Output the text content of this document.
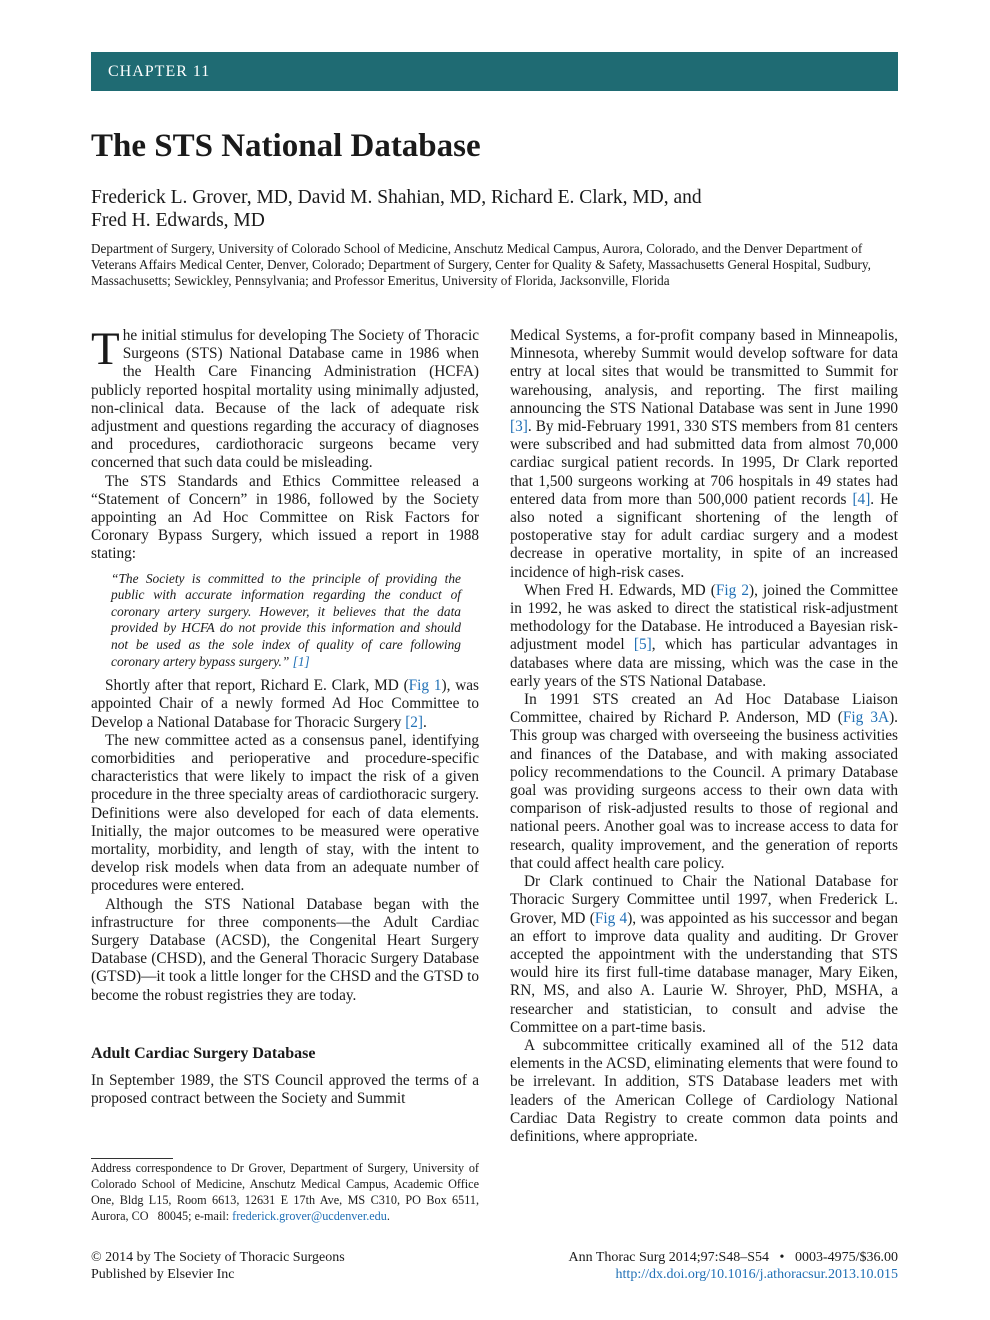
CHAPTER 11
The STS National Database
Frederick L. Grover, MD, David M. Shahian, MD, Richard E. Clark, MD, and
Fred H. Edwards, MD
Department of Surgery, University of Colorado School of Medicine, Anschutz Medical Campus, Aurora, Colorado, and the Denver Department of Veterans Affairs Medical Center, Denver, Colorado; Department of Surgery, Center for Quality & Safety, Massachusetts General Hospital, Sudbury, Massachusetts; Sewickley, Pennsylvania; and Professor Emeritus, University of Florida, Jacksonville, Florida

The initial stimulus for developing The Society of Thoracic Surgeons (STS) National Database came in 1986 when the Health Care Financing Administration (HCFA) publicly reported hospital mortality using minimally adjusted, non-clinical data. Because of the lack of adequate risk adjustment and questions regarding the accuracy of diagnoses and procedures, cardiothoracic surgeons became very concerned that such data could be misleading.

The STS Standards and Ethics Committee released a “Statement of Concern” in 1986, followed by the Society appointing an Ad Hoc Committee on Risk Factors for Coronary Bypass Surgery, which issued a report in 1988 stating:

“The Society is committed to the principle of providing the public with accurate information regarding the conduct of coronary artery surgery. However, it believes that the data provided by HCFA do not provide this information and should not be used as the sole index of quality of care following coronary artery bypass surgery.” [1]

Shortly after that report, Richard E. Clark, MD (Fig 1), was appointed Chair of a newly formed Ad Hoc Committee to Develop a National Database for Thoracic Surgery [2].

The new committee acted as a consensus panel, identifying comorbidities and perioperative and procedure-specific characteristics that were likely to impact the risk of a given procedure in the three specialty areas of cardiothoracic surgery. Definitions were also developed for each of data elements. Initially, the major outcomes to be measured were operative mortality, morbidity, and length of stay, with the intent to develop risk models when data from an adequate number of procedures were entered.

Although the STS National Database began with the infrastructure for three components—the Adult Cardiac Surgery Database (ACSD), the Congenital Heart Surgery Database (CHSD), and the General Thoracic Surgery Database (GTSD)—it took a little longer for the CHSD and the GTSD to become the robust registries they are today.

Adult Cardiac Surgery Database

In September 1989, the STS Council approved the terms of a proposed contract between the Society and Summit

Medical Systems, a for-profit company based in Minneapolis, Minnesota, whereby Summit would develop software for data entry at local sites that would be transmitted to Summit for warehousing, analysis, and reporting. The first mailing announcing the STS National Database was sent in June 1990 [3]. By mid-February 1991, 330 STS members from 81 centers were subscribed and had submitted data from almost 70,000 cardiac surgical patient records. In 1995, Dr Clark reported that 1,500 surgeons working at 706 hospitals in 49 states had entered data from more than 500,000 patient records [4]. He also noted a significant shortening of the length of postoperative stay for adult cardiac surgery and a modest decrease in operative mortality, in spite of an increased incidence of high-risk cases.

When Fred H. Edwards, MD (Fig 2), joined the Committee in 1992, he was asked to direct the statistical risk-adjustment methodology for the Database. He introduced a Bayesian risk-adjustment model [5], which has particular advantages in databases where data are missing, which was the case in the early years of the STS National Database.

In 1991 STS created an Ad Hoc Database Liaison Committee, chaired by Richard P. Anderson, MD (Fig 3A). This group was charged with overseeing the business activities and finances of the Database, and with making associated policy recommendations to the Council. A primary Database goal was providing surgeons access to their own data with comparison of risk-adjusted results to those of regional and national peers. Another goal was to increase access to data for research, quality improvement, and the generation of reports that could affect health care policy.

Dr Clark continued to Chair the National Database for Thoracic Surgery Committee until 1997, when Frederick L. Grover, MD (Fig 4), was appointed as his successor and began an effort to improve data quality and auditing. Dr Grover accepted the appointment with the understanding that STS would hire its first full-time database manager, Mary Eiken, RN, MS, and also A. Laurie W. Shroyer, PhD, MSHA, a researcher and statistician, to consult and advise the Committee on a part-time basis.

A subcommittee critically examined all of the 512 data elements in the ACSD, eliminating elements that were found to be irrelevant. In addition, STS Database leaders met with leaders of the American College of Cardiology National Cardiac Data Registry to create common data points and definitions, where appropriate.

Address correspondence to Dr Grover, Department of Surgery, University of Colorado School of Medicine, Anschutz Medical Campus, Academic Office One, Bldg L15, Room 6613, 12631 E 17th Ave, MS C310, PO Box 6511, Aurora, CO   80045; e-mail: frederick.grover@ucdenver.edu.
© 2014 by The Society of Thoracic Surgeons
Published by Elsevier Inc
Ann Thorac Surg 2014;97:S48–S54   •   0003-4975/$36.00
http://dx.doi.org/10.1016/j.athoracsur.2013.10.015
